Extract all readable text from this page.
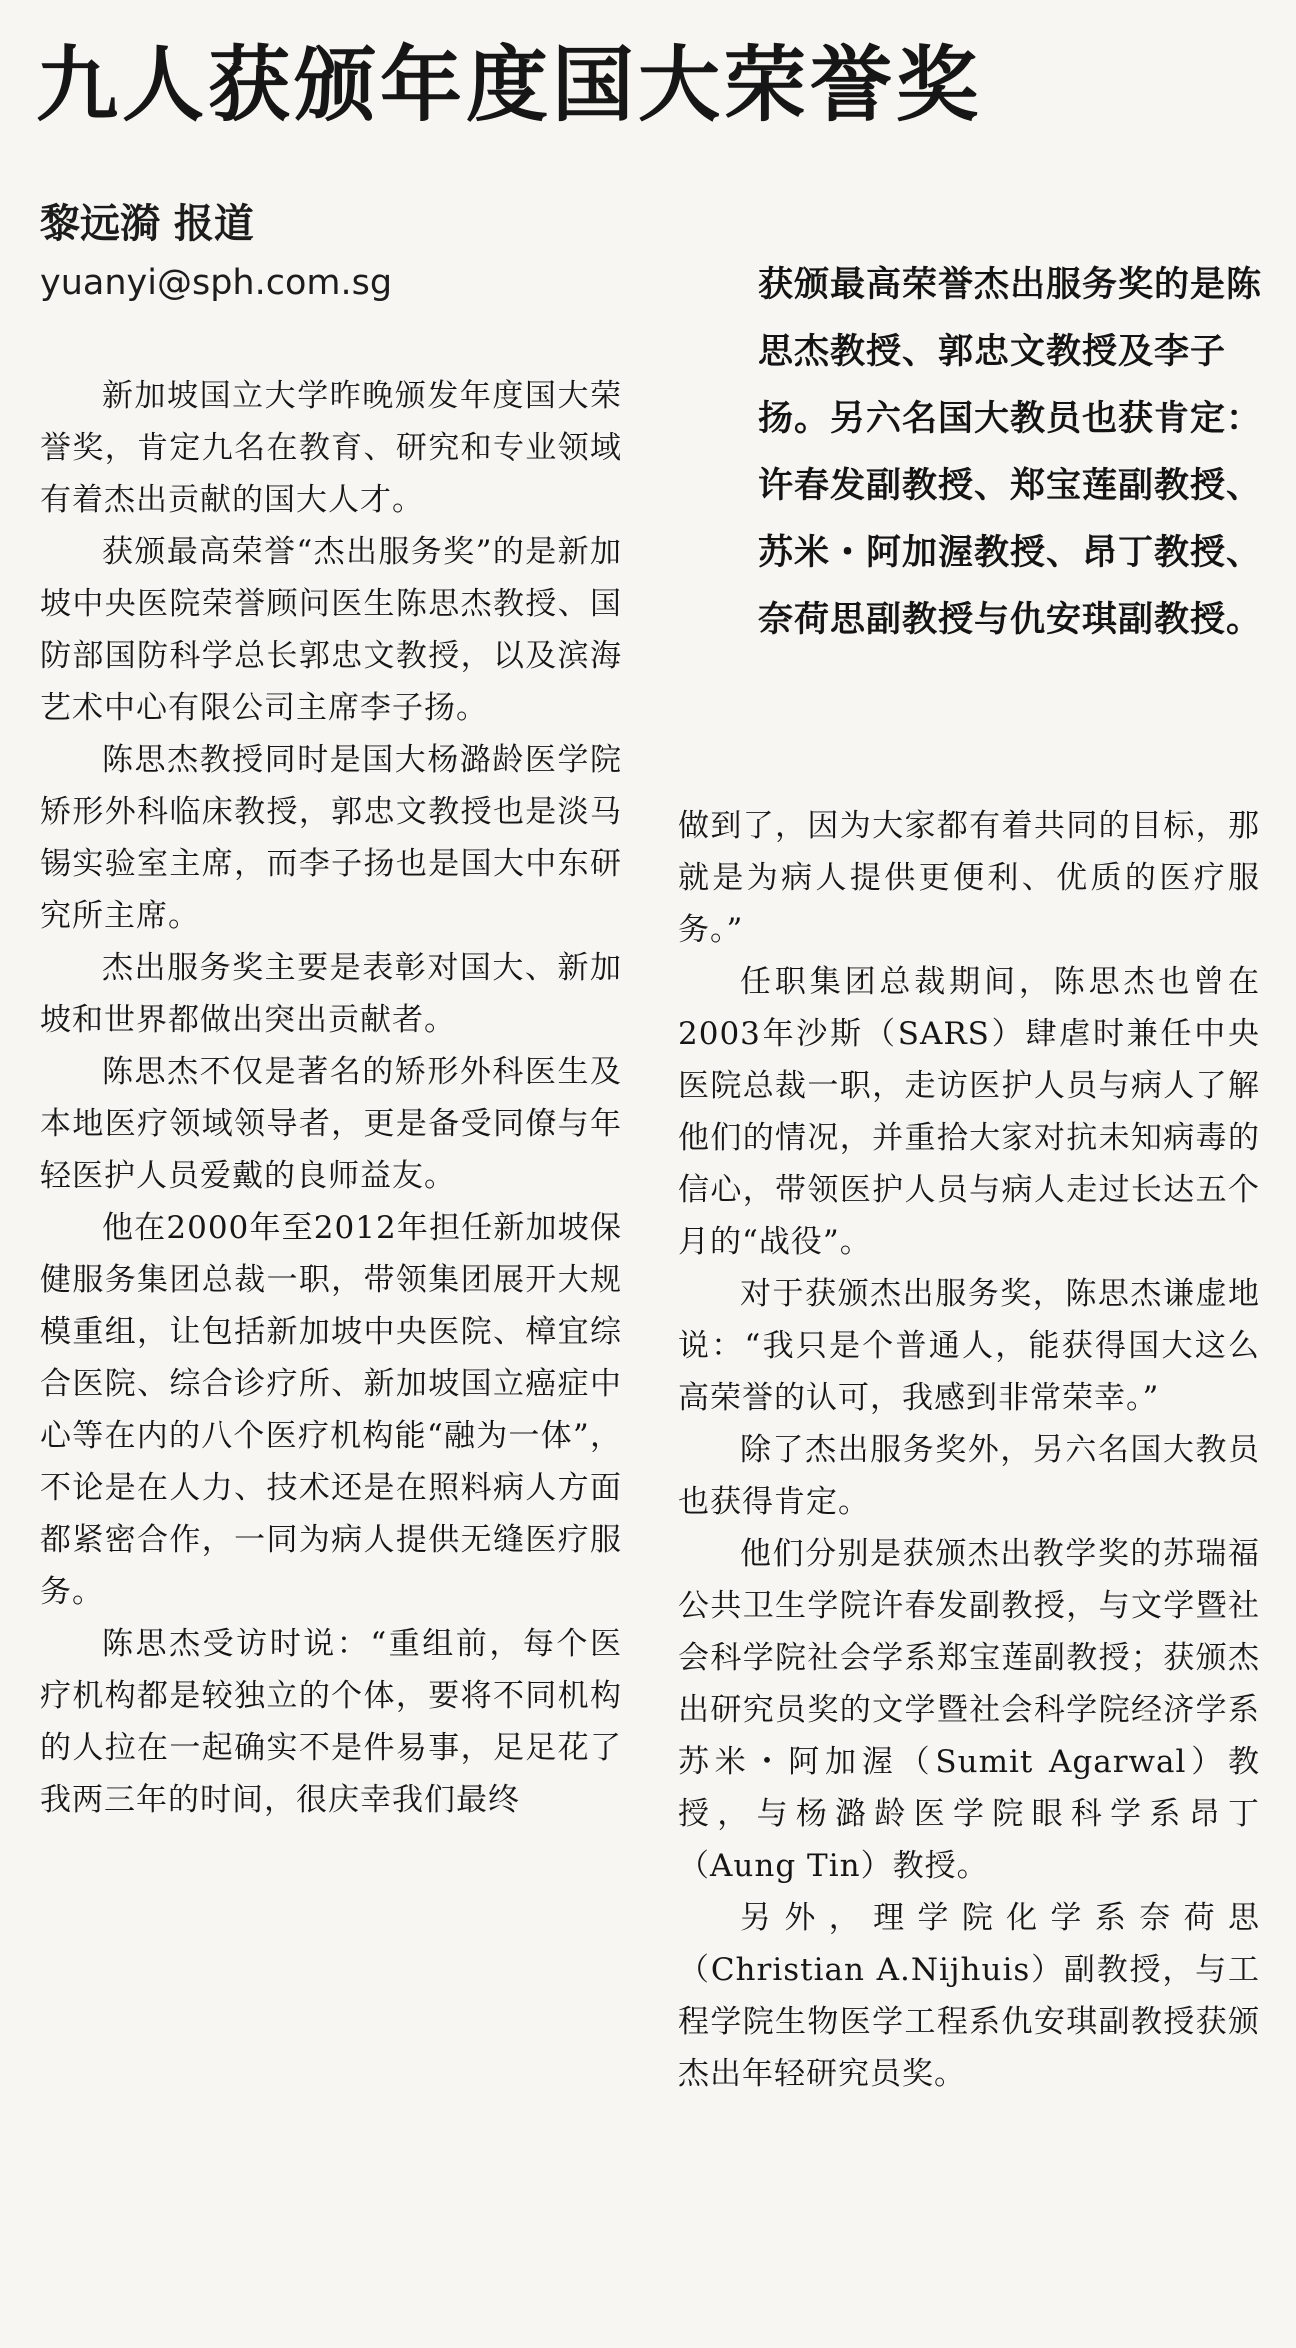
九人获颁年度国大荣誉奖
黎远漪 报道
yuanyi@sph.com.sg	获颁最高荣誉杰出服务奖的是陈思杰教授、郭忠文教授及李子扬。另六名国大教员也获肯定：许春发副教授、郑宝莲副教授、苏米・阿加渥教授、昂丁教授、奈荷思副教授与仇安琪副教授。

新加坡国立大学昨晚颁发年度国大荣誉奖，肯定九名在教育、研究和专业领域有着杰出贡献的国大人才。

获颁最高荣誉“杰出服务奖”的是新加坡中央医院荣誉顾问医生陈思杰教授、国防部国防科学总长郭忠文教授，以及滨海艺术中心有限公司主席李子扬。

陈思杰教授同时是国大杨潞龄医学院矫形外科临床教授，郭忠文教授也是淡马锡实验室主席，而李子扬也是国大中东研究所主席。

杰出服务奖主要是表彰对国大、新加坡和世界都做出突出贡献者。

陈思杰不仅是著名的矫形外科医生及本地医疗领域领导者，更是备受同僚与年轻医护人员爱戴的良师益友。

他在2000年至2012年担任新加坡保健服务集团总裁一职，带领集团展开大规模重组，让包括新加坡中央医院、樟宜综合医院、综合诊疗所、新加坡国立癌症中心等在内的八个医疗机构能“融为一体”，不论是在人力、技术还是在照料病人方面都紧密合作，一同为病人提供无缝医疗服务。

陈思杰受访时说：“重组前，每个医疗机构都是较独立的个体，要将不同机构的人拉在一起确实不是件易事，足足花了我两三年的时间，很庆幸我们最终

做到了，因为大家都有着共同的目标，那就是为病人提供更便利、优质的医疗服务。”

任职集团总裁期间，陈思杰也曾在2003年沙斯（SARS）肆虐时兼任中央医院总裁一职，走访医护人员与病人了解他们的情况，并重拾大家对抗未知病毒的信心，带领医护人员与病人走过长达五个月的“战役”。

对于获颁杰出服务奖，陈思杰谦虚地说：“我只是个普通人，能获得国大这么高荣誉的认可，我感到非常荣幸。”

除了杰出服务奖外，另六名国大教员也获得肯定。

他们分别是获颁杰出教学奖的苏瑞福公共卫生学院许春发副教授，与文学暨社会科学院社会学系郑宝莲副教授；获颁杰出研究员奖的文学暨社会科学院经济学系苏米・阿加渥（Sumit Agarwal）教授，与杨潞龄医学院眼科学系昂丁（Aung Tin）教授。

另外，理学院化学系奈荷思（Christian A.Nijhuis）副教授，与工程学院生物医学工程系仇安琪副教授获颁杰出年轻研究员奖。
